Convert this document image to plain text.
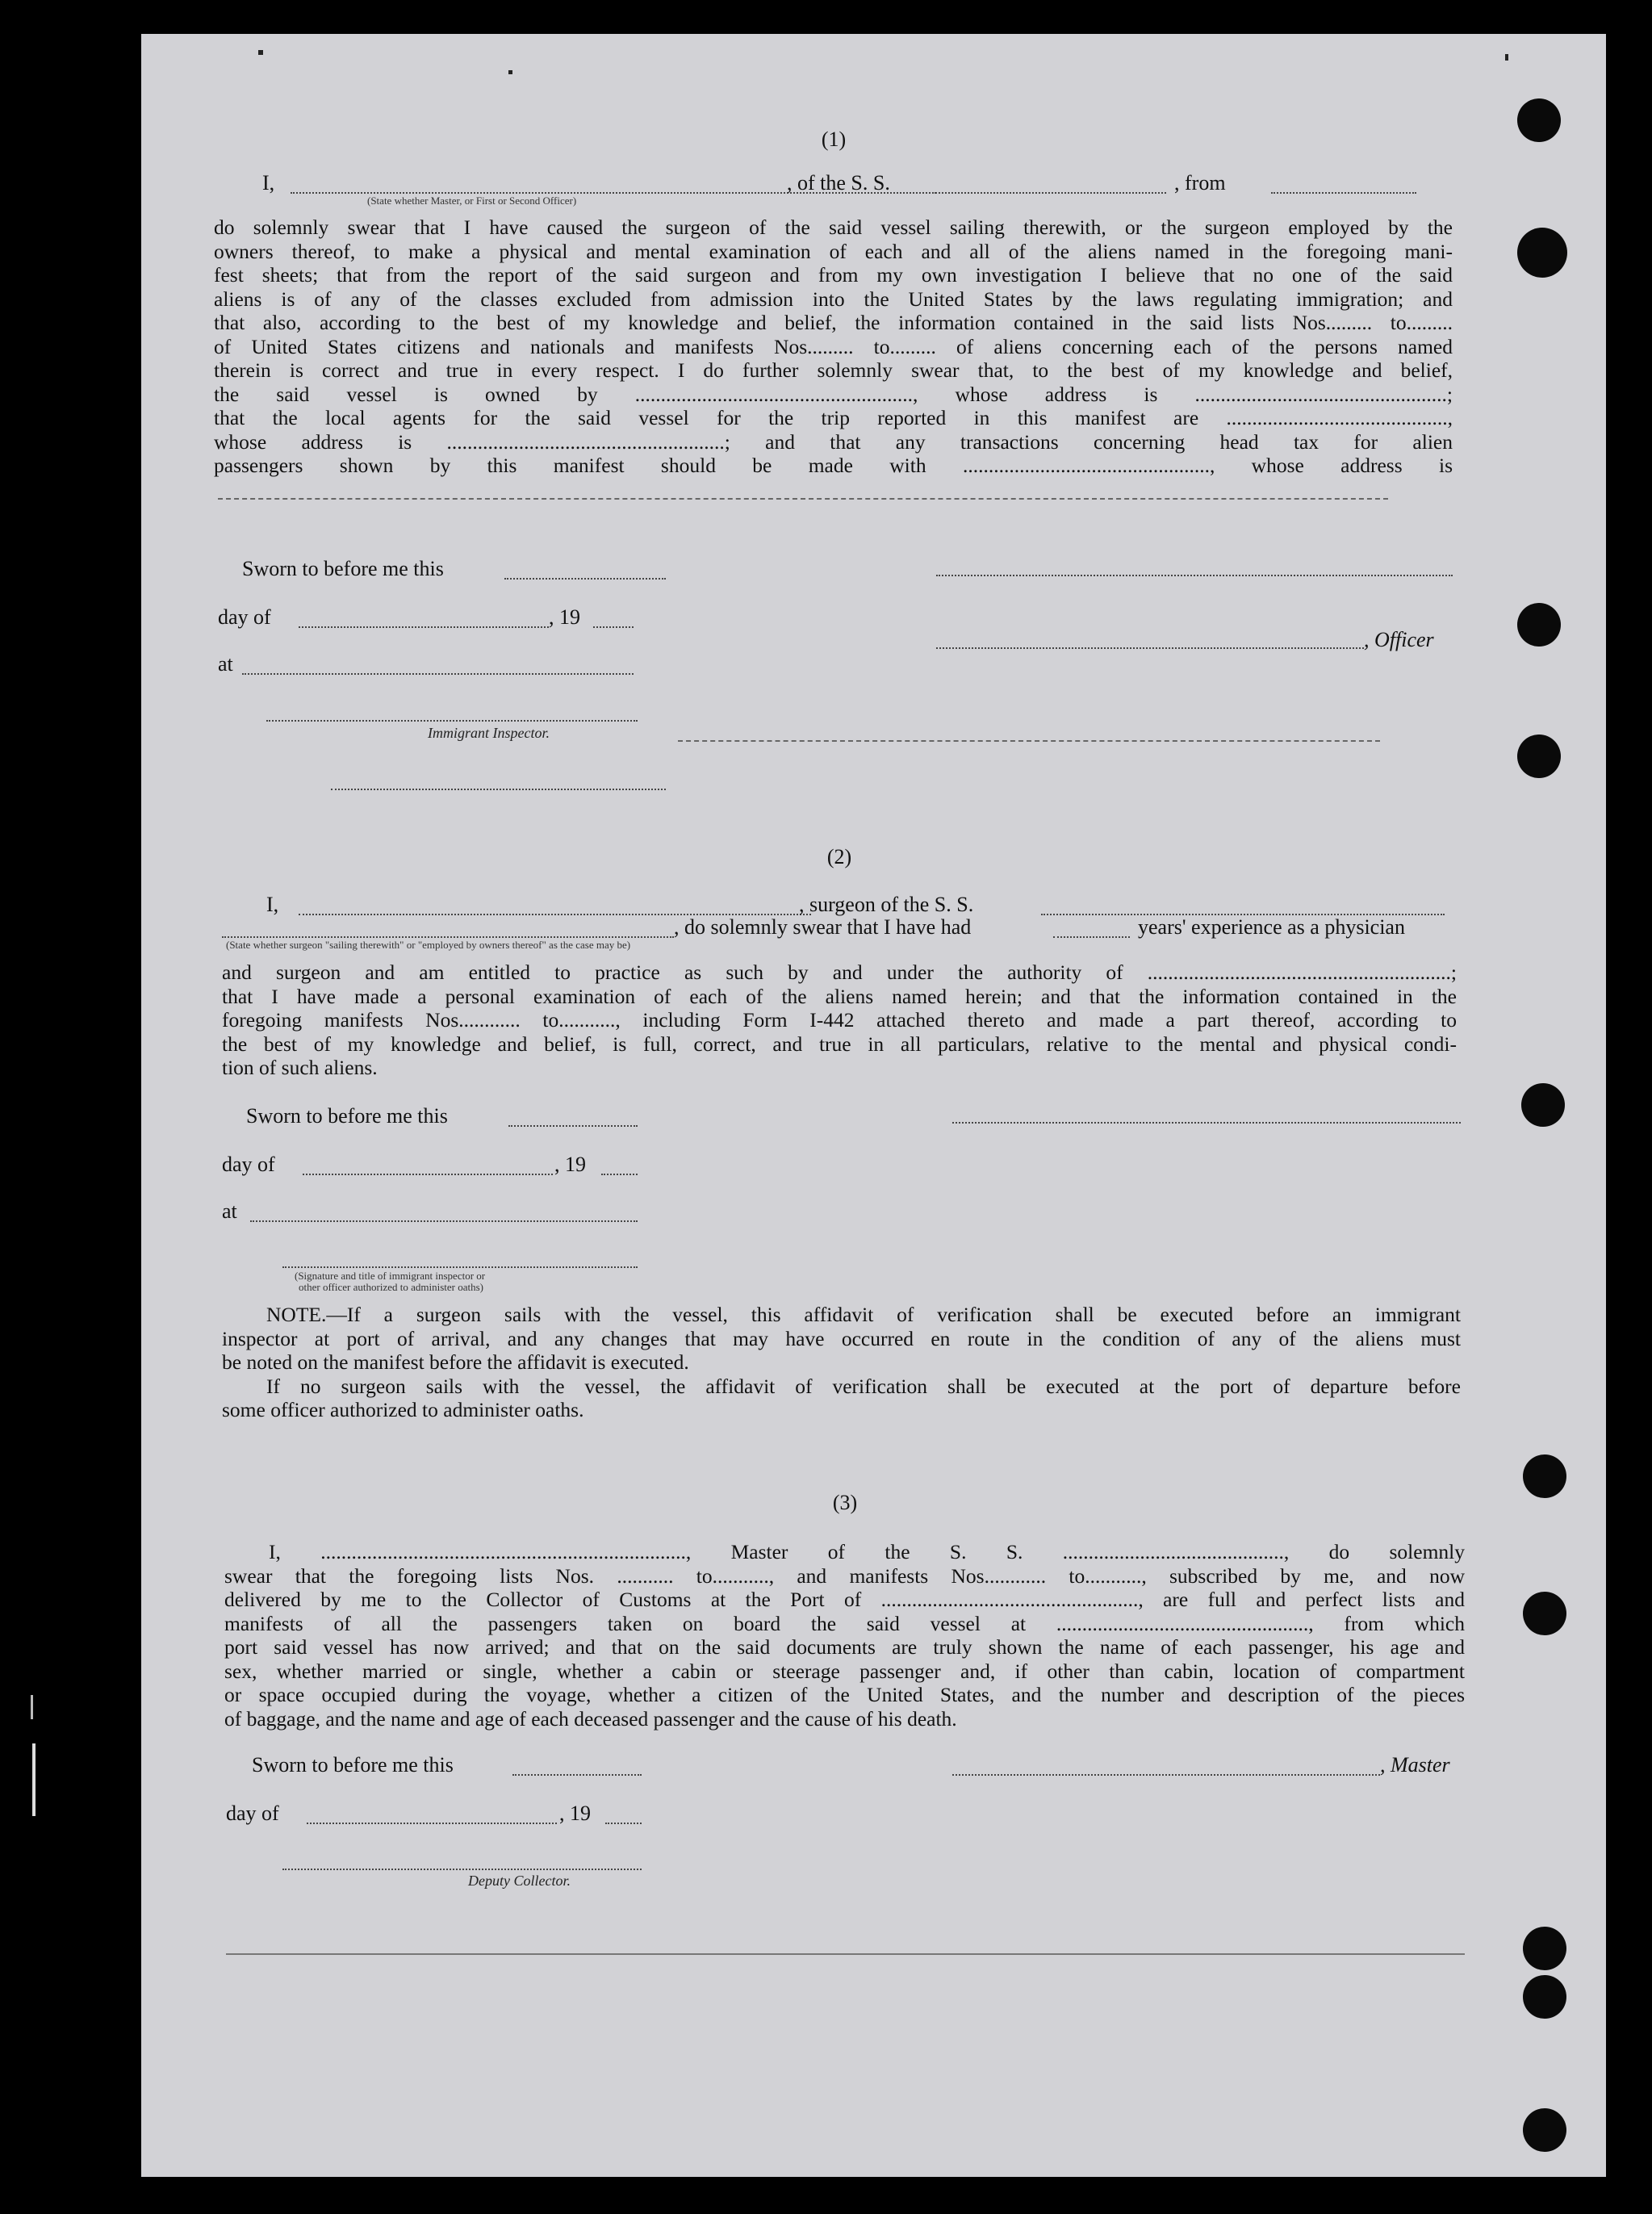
(1)
I,	, of the S. S.	, from
(State whether Master, or First or Second Officer)
do solemnly swear that I have caused the surgeon of the said vessel sailing therewith, or the surgeon employed by the
owners thereof, to make a physical and mental examination of each and all of the aliens named in the foregoing mani-
fest sheets; that from the report of the said surgeon and from my own investigation I believe that no one of the said
aliens is of any of the classes excluded from admission into the United States by the laws regulating immigration; and
that also, according to the best of my knowledge and belief, the information contained in the said lists Nos......... to.........
of United States citizens and nationals and manifests Nos......... to......... of aliens concerning each of the persons named
therein is correct and true in every respect. I do further solemnly swear that, to the best of my knowledge and belief,
the said vessel is owned by ......................................................, whose address is .................................................;
that the local agents for the said vessel for the trip reported in this manifest are ...........................................,
whose address is ......................................................; and that any transactions concerning head tax for alien
passengers shown by this manifest should be made with ................................................, whose address is
Sworn to before me this
day of	, 19
, Officer
at
Immigrant Inspector.
(2)
I,	, surgeon of the S. S.
, do solemnly swear that I have had	years' experience as a physician
(State whether surgeon "sailing therewith" or "employed by owners thereof" as the case may be)
and surgeon and am entitled to practice as such by and under the authority of ...........................................................;
that I have made a personal examination of each of the aliens named herein; and that the information contained in the
foregoing manifests Nos............ to..........., including Form I-442 attached thereto and made a part thereof, according to
the best of my knowledge and belief, is full, correct, and true in all particulars, relative to the mental and physical condi-
tion of such aliens.
Sworn to before me this
day of	, 19
at
(Signature and title of immigrant inspector or
other officer authorized to administer oaths)
NOTE.—If a surgeon sails with the vessel, this affidavit of verification shall be executed before an immigrant
inspector at port of arrival, and any changes that may have occurred en route in the condition of any of the aliens must
be noted on the manifest before the affidavit is executed.
If no surgeon sails with the vessel, the affidavit of verification shall be executed at the port of departure before
some officer authorized to administer oaths.
(3)
I, ......................................................................., Master of the S. S. ..........................................., do solemnly
swear that the foregoing lists Nos. ........... to..........., and manifests Nos............ to..........., subscribed by me, and now
delivered by me to the Collector of Customs at the Port of .................................................., are full and perfect lists and
manifests of all the passengers taken on board the said vessel at ................................................., from which
port said vessel has now arrived; and that on the said documents are truly shown the name of each passenger, his age and
sex, whether married or single, whether a cabin or steerage passenger and, if other than cabin, location of compartment
or space occupied during the voyage, whether a citizen of the United States, and the number and description of the pieces
of baggage, and the name and age of each deceased passenger and the cause of his death.
Sworn to before me this	, Master
day of	, 19
Deputy Collector.
